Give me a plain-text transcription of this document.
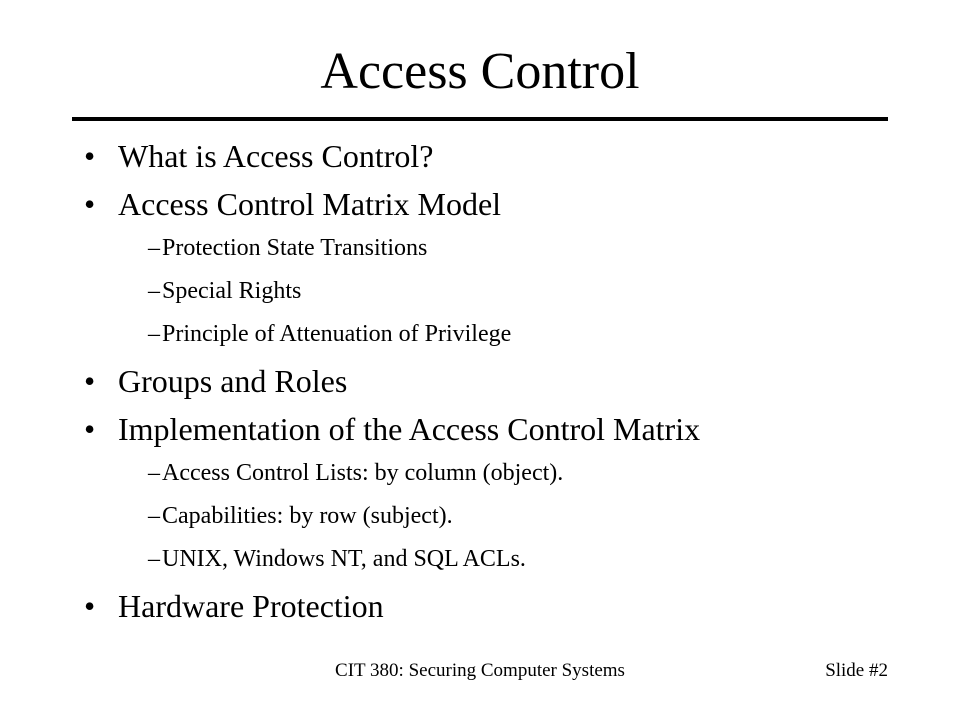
Access Control
• What is Access Control?
• Access Control Matrix Model
– Protection State Transitions
– Special Rights
– Principle of Attenuation of Privilege
• Groups and Roles
• Implementation of the Access Control Matrix
– Access Control Lists: by column (object).
– Capabilities: by row (subject).
– UNIX, Windows NT, and SQL ACLs.
• Hardware Protection
CIT 380: Securing Computer Systems	Slide #2
